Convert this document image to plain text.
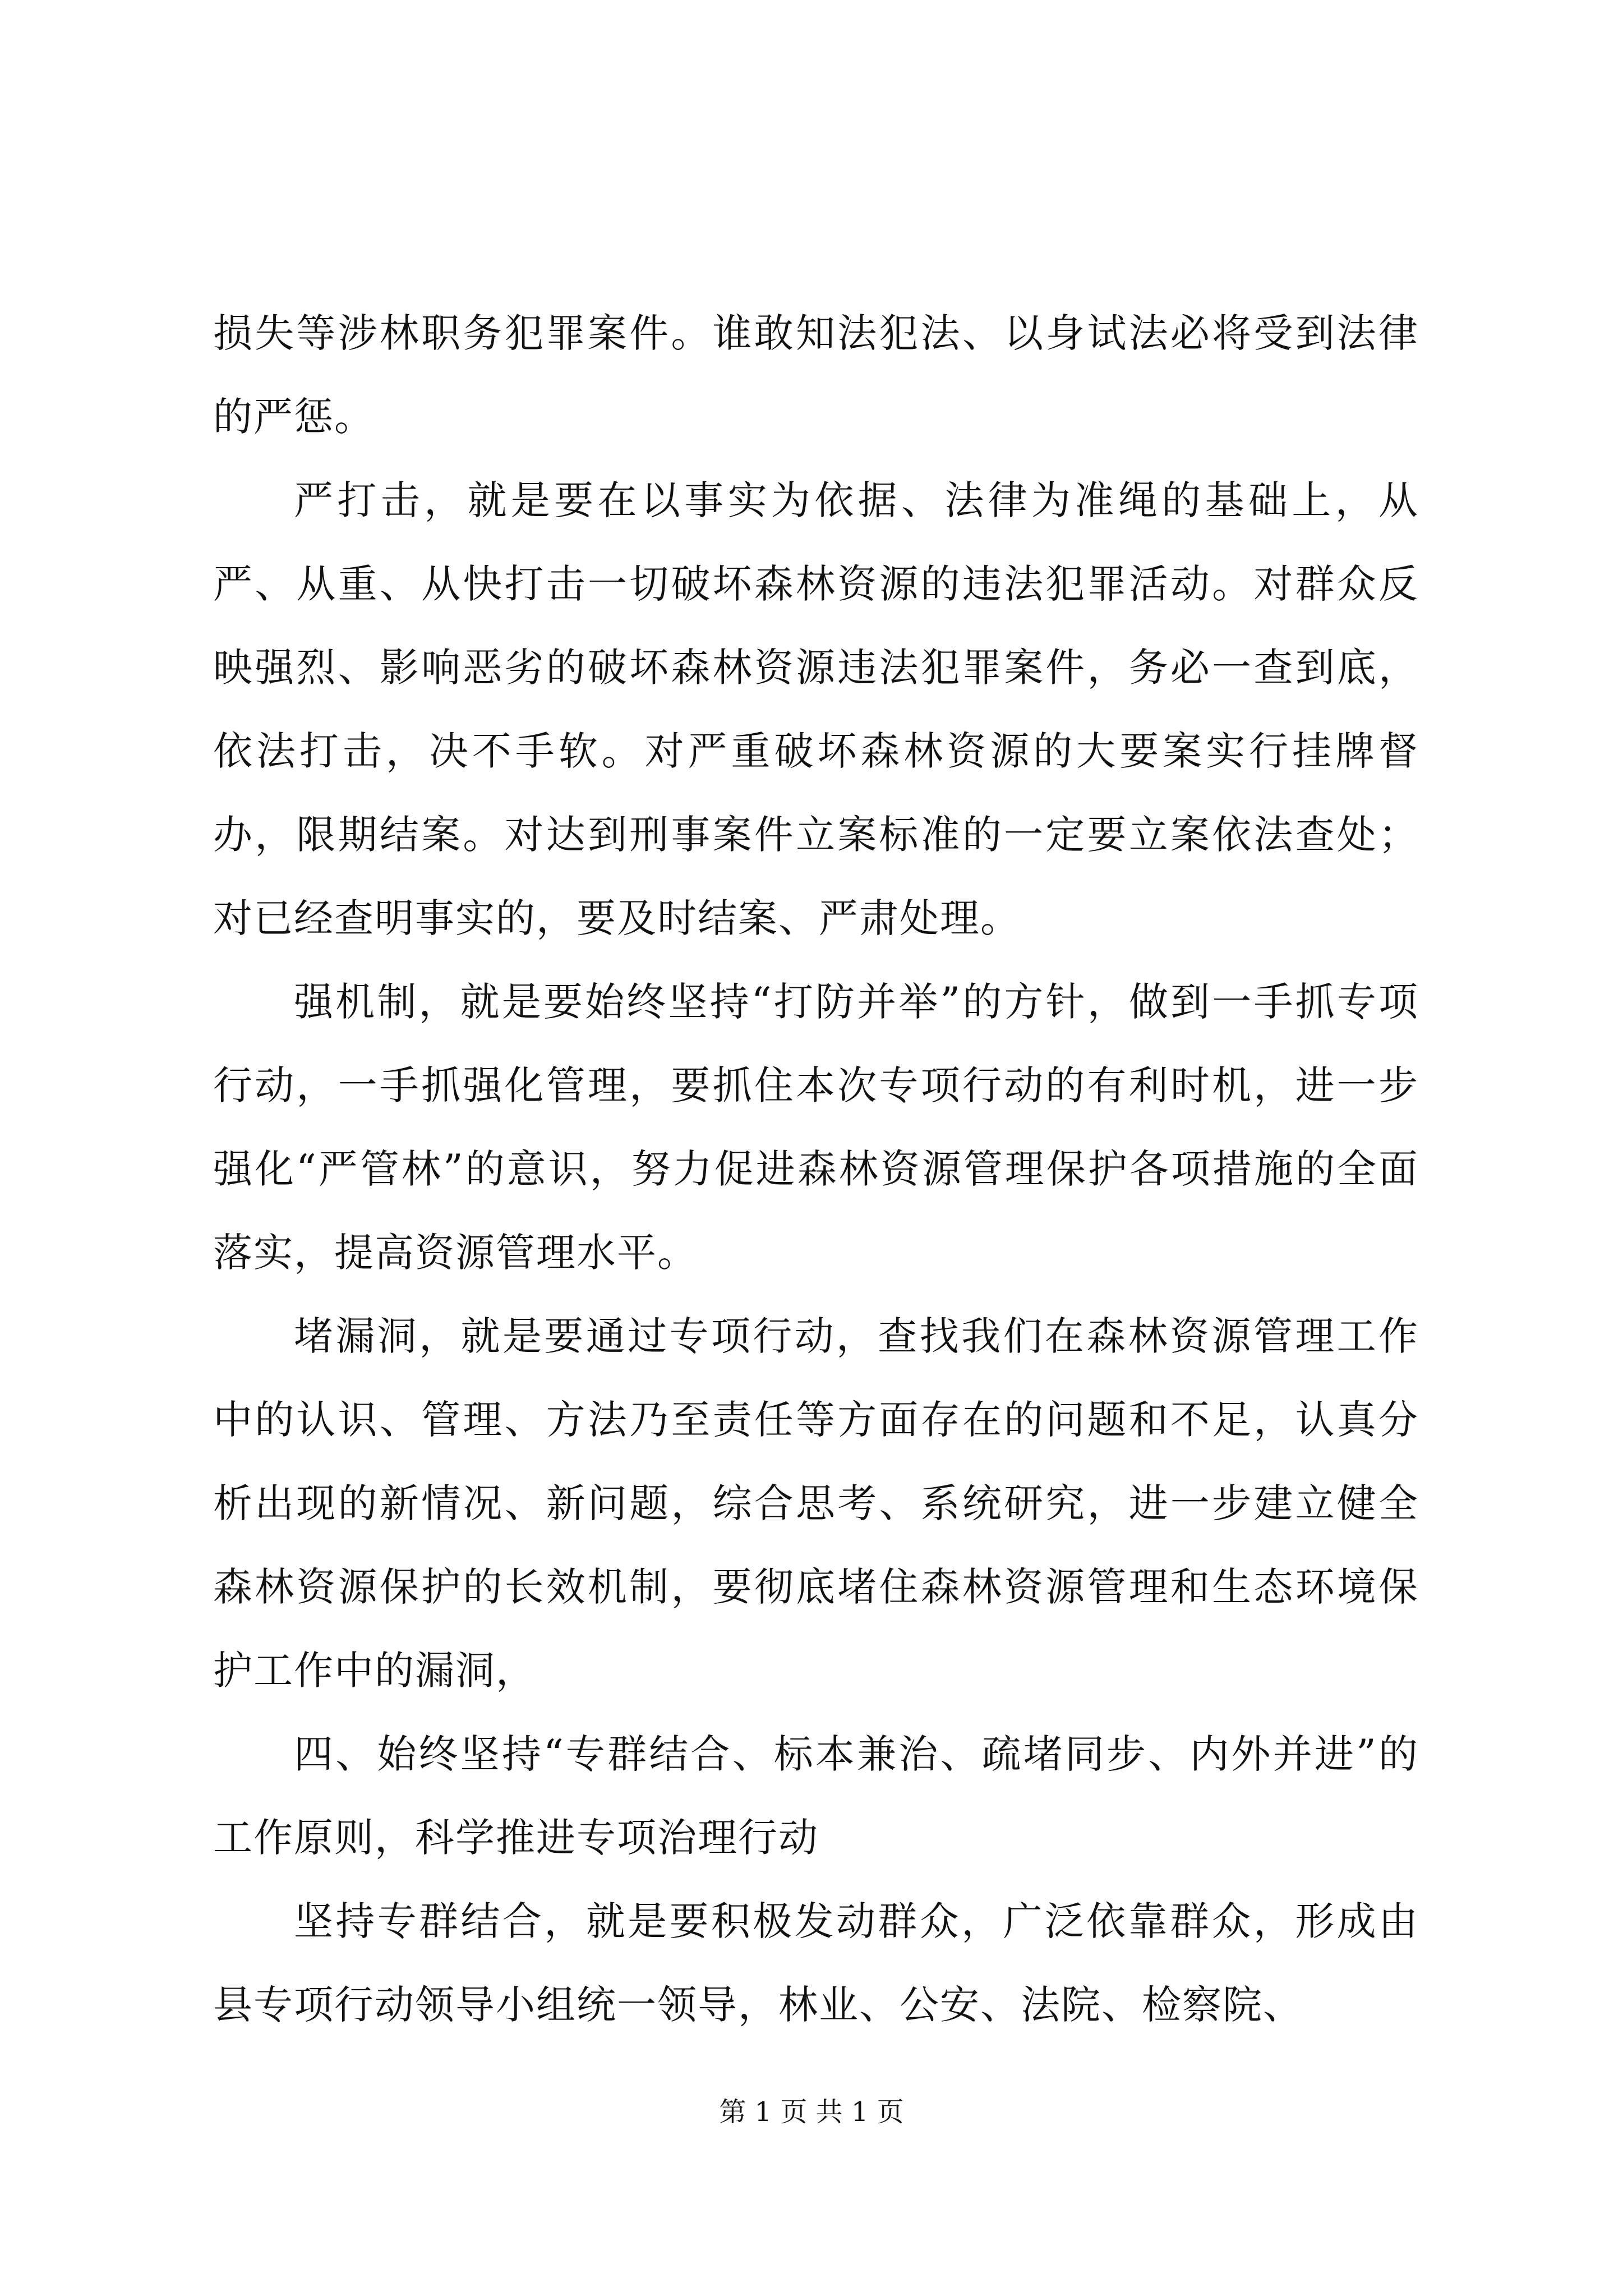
损失等涉林职务犯罪案件。谁敢知法犯法、以身试法必将受到法律的严惩。

严打击，就是要在以事实为依据、法律为准绳的基础上，从严、从重、从快打击一切破坏森林资源的违法犯罪活动。对群众反映强烈、影响恶劣的破坏森林资源违法犯罪案件，务必一查到底，依法打击，决不手软。对严重破坏森林资源的大要案实行挂牌督办，限期结案。对达到刑事案件立案标准的一定要立案依法查处；对已经查明事实的，要及时结案、严肃处理。

强机制，就是要始终坚持“打防并举”的方针，做到一手抓专项行动，一手抓强化管理，要抓住本次专项行动的有利时机，进一步强化“严管林”的意识，努力促进森林资源管理保护各项措施的全面落实，提高资源管理水平。

堵漏洞，就是要通过专项行动，查找我们在森林资源管理工作中的认识、管理、方法乃至责任等方面存在的问题和不足，认真分析出现的新情况、新问题，综合思考、系统研究，进一步建立健全森林资源保护的长效机制，要彻底堵住森林资源管理和生态环境保护工作中的漏洞，

四、始终坚持“专群结合、标本兼治、疏堵同步、内外并进”的工作原则，科学推进专项治理行动

坚持专群结合，就是要积极发动群众，广泛依靠群众，形成由县专项行动领导小组统一领导，林业、公安、法院、检察院、

第 1 页 共 1 页
